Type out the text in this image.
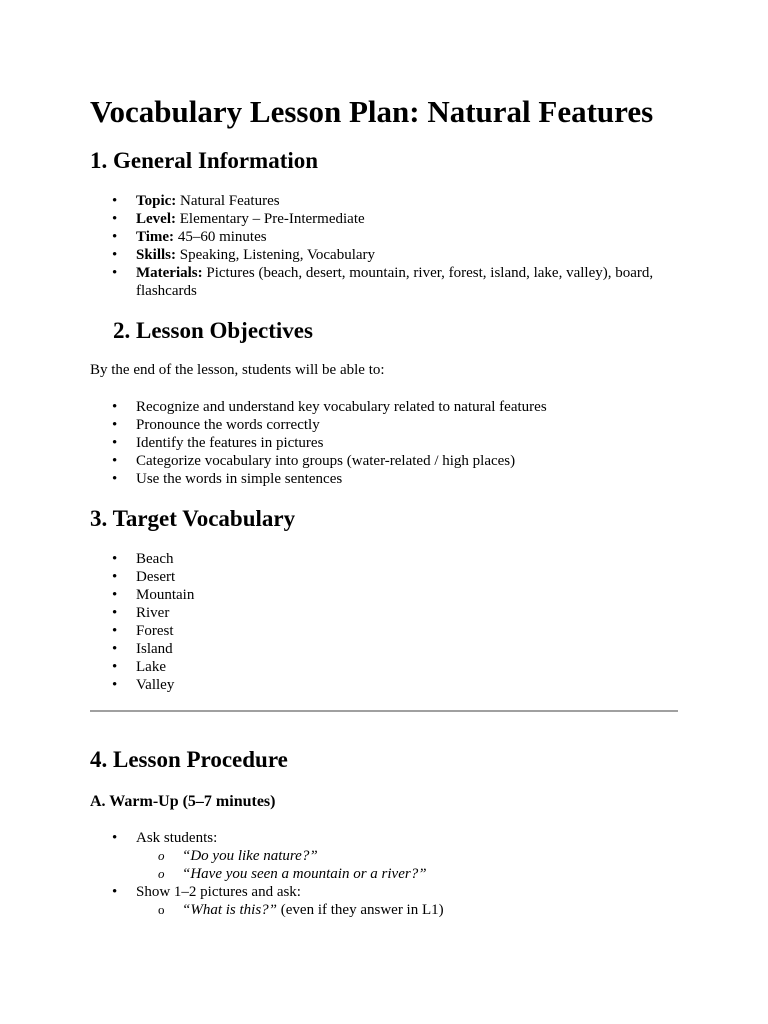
Vocabulary Lesson Plan: Natural Features
1. General Information
• Topic: Natural Features
• Level: Elementary – Pre-Intermediate
• Time: 45–60 minutes
• Skills: Speaking, Listening, Vocabulary
• Materials: Pictures (beach, desert, mountain, river, forest, island, lake, valley), board, flashcards
2. Lesson Objectives

By the end of the lesson, students will be able to:

• Recognize and understand key vocabulary related to natural features
• Pronounce the words correctly
• Identify the features in pictures
• Categorize vocabulary into groups (water-related / high places)
• Use the words in simple sentences
3. Target Vocabulary
• Beach
• Desert
• Mountain
• River
• Forest
• Island
• Lake
• Valley
4. Lesson Procedure
A. Warm-Up (5–7 minutes)
• Ask students:
o “Do you like nature?”
o “Have you seen a mountain or a river?”
• Show 1–2 pictures and ask:
o “What is this?” (even if they answer in L1)
